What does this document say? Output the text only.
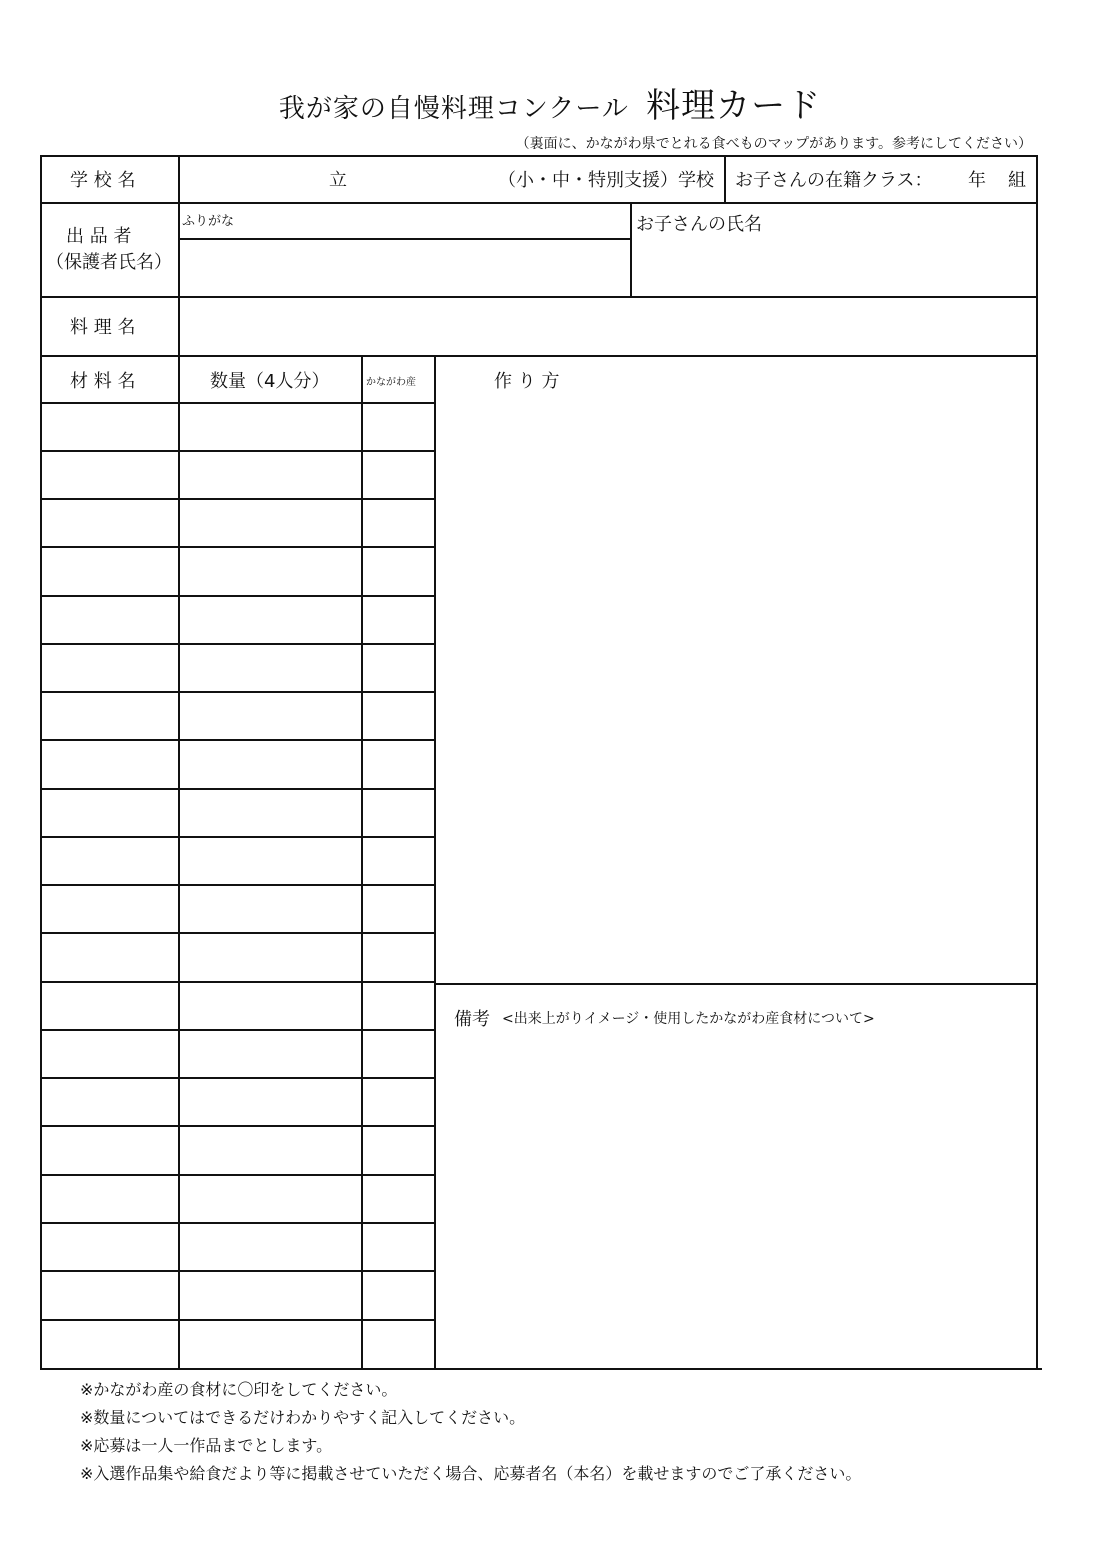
我が家の自慢料理コンクール 料理カード
（裏面に、かながわ県でとれる食べものマップがあります。参考にしてください）
学 校 名	立	（小・中・特別支援）学校 お子さんの在籍クラス： 年 組
出 品 者
（保護者氏名）
ふりがな	お子さんの氏名
料 理 名
材 料 名	数量（4人分）	かながわ産	作 り 方
備考 <出来上がりイメージ・使用したかながわ産食材について>
※かながわ産の食材に〇印をしてください。
※数量についてはできるだけわかりやすく記入してください。
※応募は一人一作品までとします。
※入選作品集や給食だより等に掲載させていただく場合、応募者名（本名）を載せますのでご了承ください。
